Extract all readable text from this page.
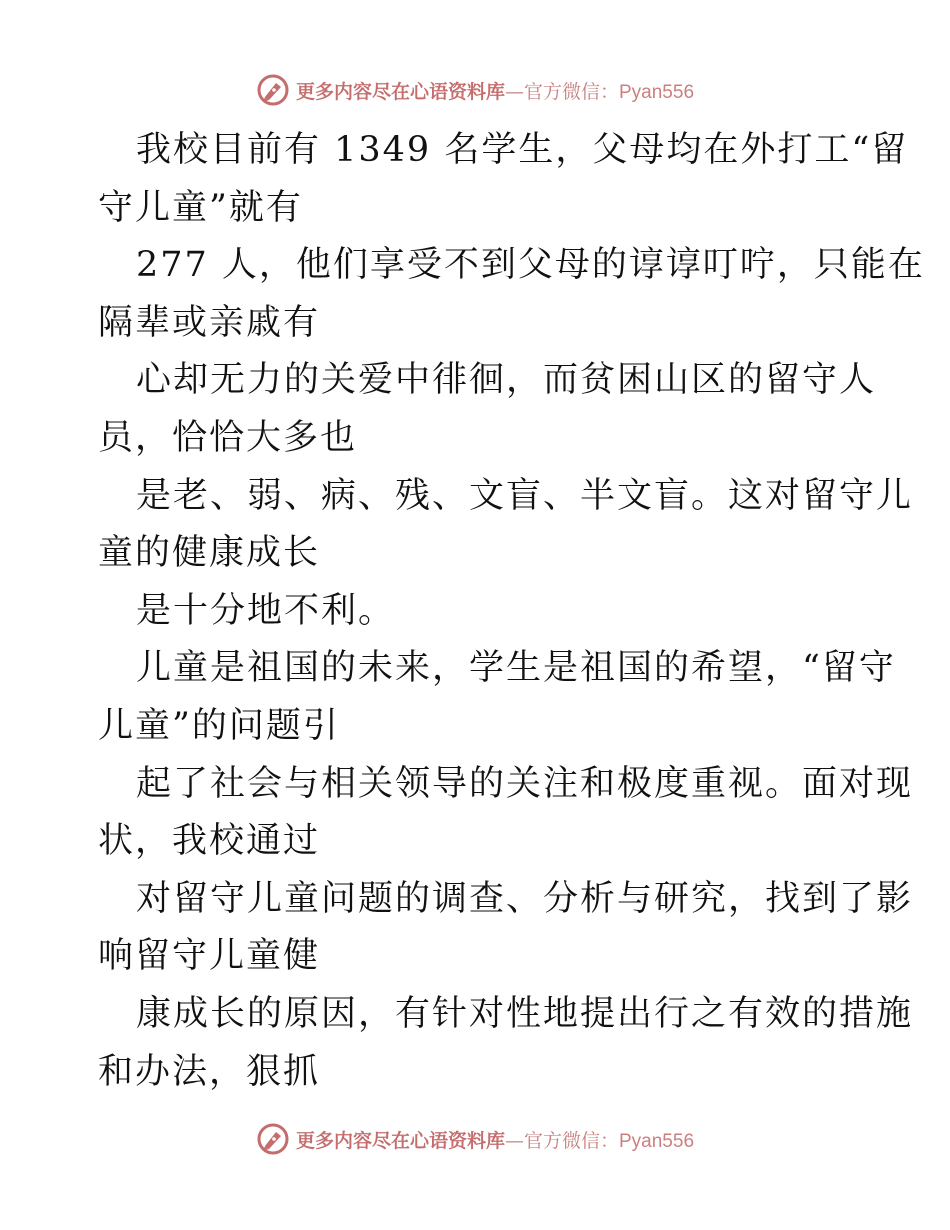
更多内容尽在心语资料库—官方微信：Pyan556
我校目前有 1349 名学生，父母均在外打工“留
守儿童”就有
277 人，他们享受不到父母的谆谆叮咛，只能在
隔辈或亲戚有
心却无力的关爱中徘徊，而贫困山区的留守人
员，恰恰大多也
是老、弱、病、残、文盲、半文盲。这对留守儿
童的健康成长
是十分地不利。
儿童是祖国的未来，学生是祖国的希望，“留守
儿童”的问题引
起了社会与相关领导的关注和极度重视。面对现
状，我校通过
对留守儿童问题的调查、分析与研究，找到了影
响留守儿童健
康成长的原因，有针对性地提出行之有效的措施
和办法，狠抓
更多内容尽在心语资料库—官方微信：Pyan556
